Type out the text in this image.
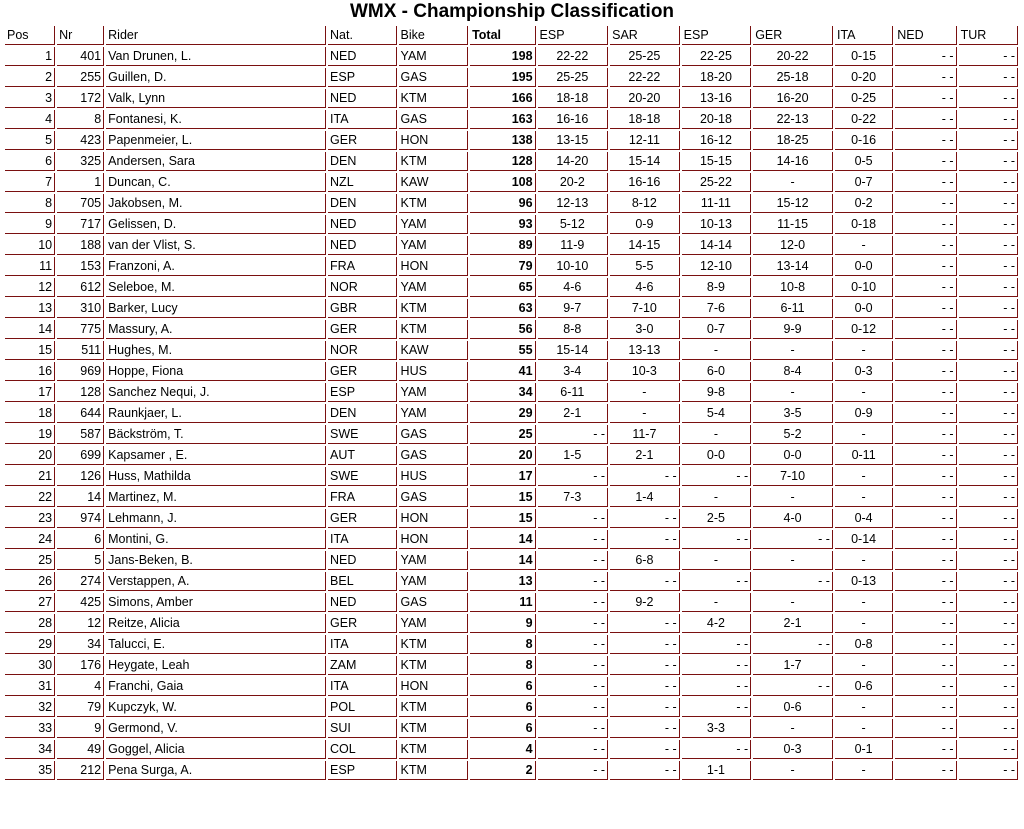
WMX - Championship Classification
Pos	Nr	Rider	Nat.	Bike	Total	ESP	SAR	ESP	GER	ITA	NED	TUR
1	401	Van Drunen, L.	NED	YAM	198	22-22	25-25	22-25	20-22	0-15	- -	- -
2	255	Guillen, D.	ESP	GAS	195	25-25	22-22	18-20	25-18	0-20	- -	- -
3	172	Valk, Lynn	NED	KTM	166	18-18	20-20	13-16	16-20	0-25	- -	- -
4	8	Fontanesi, K.	ITA	GAS	163	16-16	18-18	20-18	22-13	0-22	- -	- -
5	423	Papenmeier, L.	GER	HON	138	13-15	12-11	16-12	18-25	0-16	- -	- -
6	325	Andersen, Sara	DEN	KTM	128	14-20	15-14	15-15	14-16	0-5	- -	- -
7	1	Duncan, C.	NZL	KAW	108	20-2	16-16	25-22	-	0-7	- -	- -
8	705	Jakobsen, M.	DEN	KTM	96	12-13	8-12	11-11	15-12	0-2	- -	- -
9	717	Gelissen, D.	NED	YAM	93	5-12	0-9	10-13	11-15	0-18	- -	- -
10	188	van der Vlist, S.	NED	YAM	89	11-9	14-15	14-14	12-0	-	- -	- -
11	153	Franzoni, A.	FRA	HON	79	10-10	5-5	12-10	13-14	0-0	- -	- -
12	612	Seleboe, M.	NOR	YAM	65	4-6	4-6	8-9	10-8	0-10	- -	- -
13	310	Barker, Lucy	GBR	KTM	63	9-7	7-10	7-6	6-11	0-0	- -	- -
14	775	Massury, A.	GER	KTM	56	8-8	3-0	0-7	9-9	0-12	- -	- -
15	511	Hughes, M.	NOR	KAW	55	15-14	13-13	-	-	-	- -	- -
16	969	Hoppe, Fiona	GER	HUS	41	3-4	10-3	6-0	8-4	0-3	- -	- -
17	128	Sanchez Nequi, J.	ESP	YAM	34	6-11	-	9-8	-	-	- -	- -
18	644	Raunkjaer, L.	DEN	YAM	29	2-1	-	5-4	3-5	0-9	- -	- -
19	587	Bäckström, T.	SWE	GAS	25	- -	11-7	-	5-2	-	- -	- -
20	699	Kapsamer , E.	AUT	GAS	20	1-5	2-1	0-0	0-0	0-11	- -	- -
21	126	Huss, Mathilda	SWE	HUS	17	- -	- -	- -	7-10	-	- -	- -
22	14	Martinez, M.	FRA	GAS	15	7-3	1-4	-	-	-	- -	- -
23	974	Lehmann, J.	GER	HON	15	- -	- -	2-5	4-0	0-4	- -	- -
24	6	Montini, G.	ITA	HON	14	- -	- -	- -	- -	0-14	- -	- -
25	5	Jans-Beken, B.	NED	YAM	14	- -	6-8	-	-	-	- -	- -
26	274	Verstappen, A.	BEL	YAM	13	- -	- -	- -	- -	0-13	- -	- -
27	425	Simons, Amber	NED	GAS	11	- -	9-2	-	-	-	- -	- -
28	12	Reitze, Alicia	GER	YAM	9	- -	- -	4-2	2-1	-	- -	- -
29	34	Talucci, E.	ITA	KTM	8	- -	- -	- -	- -	0-8	- -	- -
30	176	Heygate, Leah	ZAM	KTM	8	- -	- -	- -	1-7	-	- -	- -
31	4	Franchi, Gaia	ITA	HON	6	- -	- -	- -	- -	0-6	- -	- -
32	79	Kupczyk, W.	POL	KTM	6	- -	- -	- -	0-6	-	- -	- -
33	9	Germond, V.	SUI	KTM	6	- -	- -	3-3	-	-	- -	- -
34	49	Goggel, Alicia	COL	KTM	4	- -	- -	- -	0-3	0-1	- -	- -
35	212	Pena Surga, A.	ESP	KTM	2	- -	- -	1-1	-	-	- -	- -
